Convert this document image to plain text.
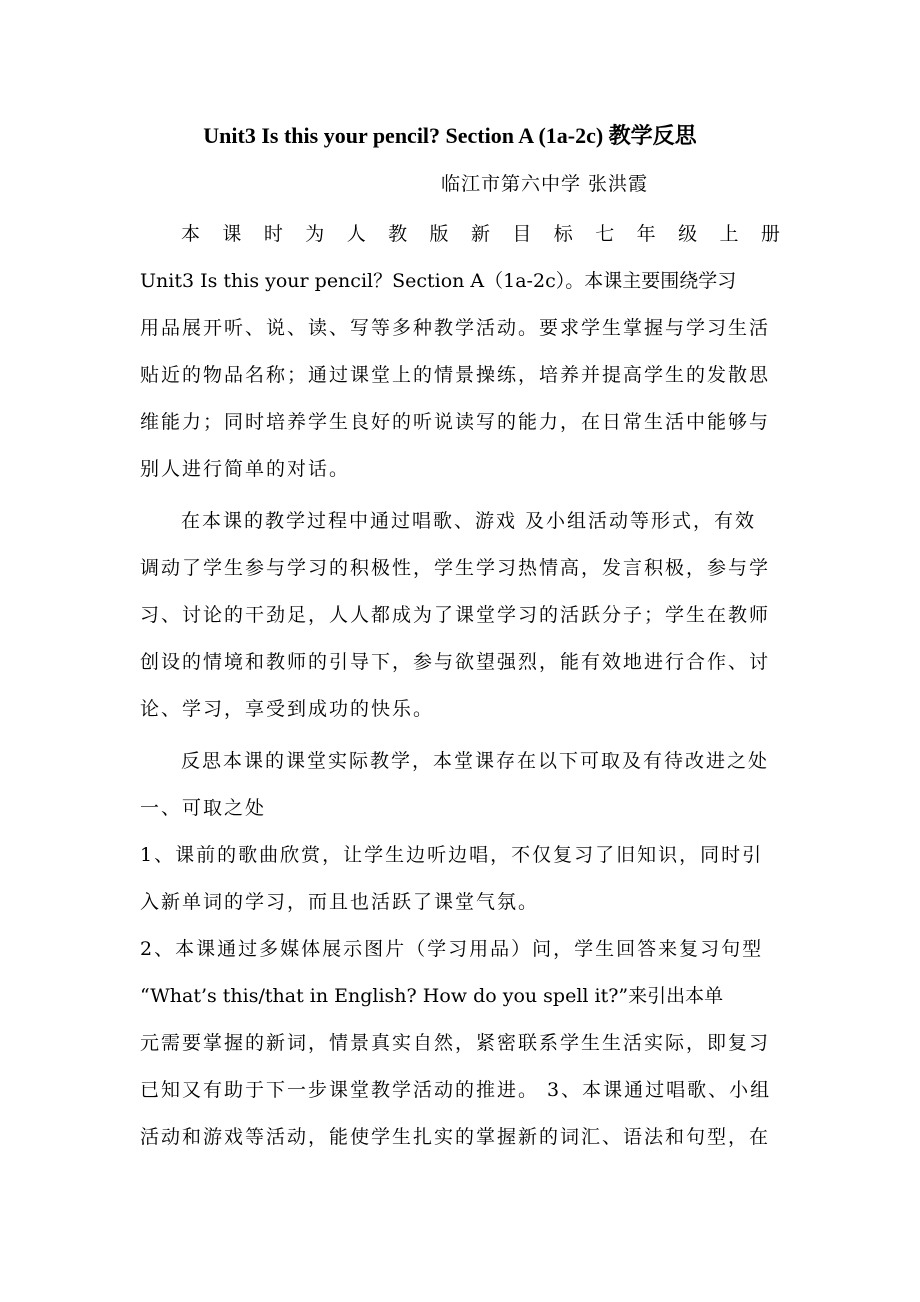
Unit3 Is this your pencil? Section A (1a-2c) 教学反思
临江市第六中学 张洪霞
本 课 时 为 人 教 版 新 目 标 七 年 级 上 册
Unit3 Is this your pencil？Section A（1a-2c）。本课主要围绕学习
用品展开听、说、读、写等多种教学活动。要求学生掌握与学习生活
贴近的物品名称；通过课堂上的情景操练，培养并提高学生的发散思
维能力；同时培养学生良好的听说读写的能力，在日常生活中能够与
别人进行简单的对话。
在本课的教学过程中通过唱歌、游戏 及小组活动等形式，有效
调动了学生参与学习的积极性，学生学习热情高，发言积极，参与学
习、讨论的干劲足，人人都成为了课堂学习的活跃分子；学生在教师
创设的情境和教师的引导下，参与欲望强烈，能有效地进行合作、讨
论、学习，享受到成功的快乐。
反思本课的课堂实际教学，本堂课存在以下可取及有待改进之处
一、可取之处
1、课前的歌曲欣赏，让学生边听边唱，不仅复习了旧知识，同时引
入新单词的学习，而且也活跃了课堂气氛。
2、本课通过多媒体展示图片（学习用品）问，学生回答来复习句型
“What’s this/that in English? How do you spell it?”来引出本单
元需要掌握的新词，情景真实自然，紧密联系学生生活实际，即复习
已知又有助于下一步课堂教学活动的推进。 3、本课通过唱歌、小组
活动和游戏等活动，能使学生扎实的掌握新的词汇、语法和句型，在
